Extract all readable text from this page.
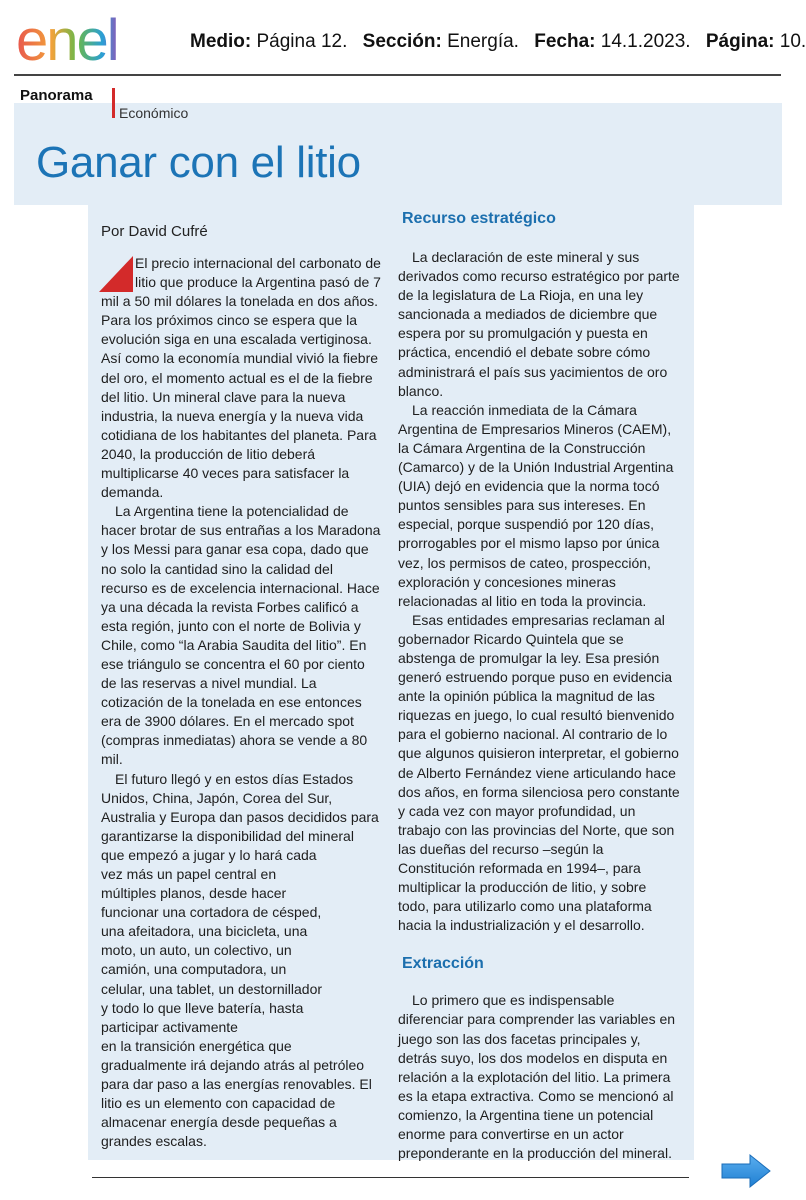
enel	Medio: Página 12. Sección: Energía. Fecha: 14.1.2023. Página: 10.
Panorama
Económico
Ganar con el litio
Por David Cufré

El precio internacional del carbonato de litio que produce la Argentina pasó de 7 mil a 50 mil dólares la tonelada en dos años. Para los próximos cinco se espera que la evolución siga en una escalada vertiginosa. Así como la economía mundial vivió la fiebre del oro, el momento actual es el de la fiebre del litio. Un mineral clave para la nueva industria, la nueva energía y la nueva vida cotidiana de los habitantes del planeta. Para 2040, la producción de litio deberá multiplicarse 40 veces para satisfacer la demanda.

La Argentina tiene la potencialidad de hacer brotar de sus entrañas a los Maradona y los Messi para ganar esa copa, dado que no solo la cantidad sino la calidad del recurso es de excelencia internacional. Hace ya una década la revista Forbes calificó a esta región, junto con el norte de Bolivia y Chile, como “la Arabia Saudita del litio”. En ese triángulo se concentra el 60 por ciento de las reservas a nivel mundial. La cotización de la tonelada en ese entonces era de 3900 dólares. En el mercado spot (compras inmediatas) ahora se vende a 80 mil.

El futuro llegó y en estos días Estados Unidos, China, Japón, Corea del Sur, Australia y Europa dan pasos decididos para garantizarse la disponibilidad del mineral

que empezó a jugar y lo hará cada vez más un papel central en múltiples planos, desde hacer funcionar una cortadora de césped, una afeitadora, una bicicleta, una moto, un auto, un colectivo, un camión, una computadora, un celular, una tablet, un destornillador y todo lo que lleve batería, hasta participar activamente

en la transición energética que gradualmente irá dejando atrás al petróleo para dar paso a las energías renovables. El litio es un elemento con capacidad de almacenar energía desde pequeñas a grandes escalas.

Recurso estratégico

La declaración de este mineral y sus derivados como recurso estratégico por parte de la legislatura de La Rioja, en una ley sancionada a mediados de diciembre que espera por su promulgación y puesta en práctica, encendió el debate sobre cómo administrará el país sus yacimientos de oro blanco.

La reacción inmediata de la Cámara Argentina de Empresarios Mineros (CAEM), la Cámara Argentina de la Construcción (Camarco) y de la Unión Industrial Argentina (UIA) dejó en evidencia que la norma tocó puntos sensibles para sus intereses. En especial, porque suspendió por 120 días, prorrogables por el mismo lapso por única vez, los permisos de cateo, prospección, exploración y concesiones mineras relacionadas al litio en toda la provincia.

Esas entidades empresarias reclaman al gobernador Ricardo Quintela que se abstenga de promulgar la ley. Esa presión generó estruendo porque puso en evidencia ante la opinión pública la magnitud de las riquezas en juego, lo cual resultó bienvenido para el gobierno nacional. Al contrario de lo que algunos quisieron interpretar, el gobierno de Alberto Fernández viene articulando hace dos años, en forma silenciosa pero constante y cada vez con mayor profundidad, un trabajo con las provincias del Norte, que son las dueñas del recurso –según la Constitución reformada en 1994–, para multiplicar la producción de litio, y sobre todo, para utilizarlo como una plataforma hacia la industrialización y el desarrollo.

Extracción

Lo primero que es indispensable diferenciar para comprender las variables en juego son las dos facetas principales y, detrás suyo, los dos modelos en disputa en relación a la explotación del litio. La primera es la etapa extractiva. Como se mencionó al comienzo, la Argentina tiene un potencial enorme para convertirse en un actor preponderante en la producción del mineral.
